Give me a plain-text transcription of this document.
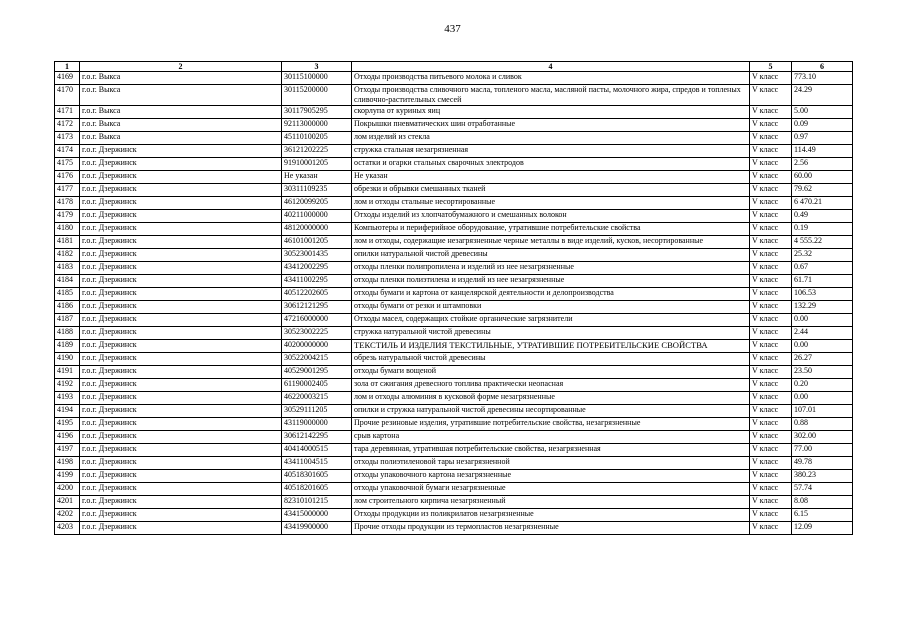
437
1	2	3	4	5	6
4169	г.о.г. Выкса	30115100000	Отходы производства питьевого молока и сливок	V класс	773.10
4170	г.о.г. Выкса	30115200000	Отходы производства сливочного масла, топленого масла, масляной пасты, молочного жира, спредов и топленых сливочно-растительных смесей	V класс	24.29
4171	г.о.г. Выкса	30117905295	скорлупа от куриных яиц	V класс	5.00
4172	г.о.г. Выкса	92113000000	Покрышки пневматических шин отработанные	V класс	0.09
4173	г.о.г. Выкса	45110100205	лом изделий из стекла	V класс	0.97
4174	г.о.г. Дзержинск	36121202225	стружка стальная незагрязненная	V класс	114.49
4175	г.о.г. Дзержинск	91910001205	остатки и огарки стальных сварочных электродов	V класс	2.56
4176	г.о.г. Дзержинск	Не указан	Не указан	V класс	60.00
4177	г.о.г. Дзержинск	30311109235	обрезки и обрывки смешанных тканей	V класс	79.62
4178	г.о.г. Дзержинск	46120099205	лом и отходы стальные несортированные	V класс	6 470.21
4179	г.о.г. Дзержинск	40211000000	Отходы изделий из хлопчатобумажного и смешанных волокон	V класс	0.49
4180	г.о.г. Дзержинск	48120000000	Компьютеры и периферийное оборудование, утратившие потребительские свойства	V класс	0.19
4181	г.о.г. Дзержинск	46101001205	лом и отходы, содержащие незагрязненные черные металлы в виде изделий, кусков, несортированные	V класс	4 555.22
4182	г.о.г. Дзержинск	30523001435	опилки натуральной чистой древесины	V класс	25.32
4183	г.о.г. Дзержинск	43412002295	отходы пленки полипропилена и изделий из нее незагрязненные	V класс	0.67
4184	г.о.г. Дзержинск	43411002295	отходы пленки полиэтилена и изделий из нее незагрязненные	V класс	61.71
4185	г.о.г. Дзержинск	40512202605	отходы бумаги и картона от канцелярской деятельности и делопроизводства	V класс	106.53
4186	г.о.г. Дзержинск	30612121295	отходы бумаги от резки и штамповки	V класс	132.29
4187	г.о.г. Дзержинск	47216000000	Отходы масел, содержащих стойкие органические загрязнители	V класс	0.00
4188	г.о.г. Дзержинск	30523002225	стружка натуральной чистой древесины	V класс	2.44
4189	г.о.г. Дзержинск	40200000000	ТЕКСТИЛЬ И ИЗДЕЛИЯ ТЕКСТИЛЬНЫЕ, УТРАТИВШИЕ ПОТРЕБИТЕЛЬСКИЕ СВОЙСТВА	V класс	0.00
4190	г.о.г. Дзержинск	30522004215	обрезь натуральной чистой древесины	V класс	26.27
4191	г.о.г. Дзержинск	40529001295	отходы бумаги вощеной	V класс	23.50
4192	г.о.г. Дзержинск	61190002405	зола от сжигания древесного топлива практически неопасная	V класс	0.20
4193	г.о.г. Дзержинск	46220003215	лом и отходы алюминия в кусковой форме незагрязненные	V класс	0.00
4194	г.о.г. Дзержинск	30529111205	опилки и стружка натуральной чистой древесины несортированные	V класс	107.01
4195	г.о.г. Дзержинск	43119000000	Прочие резиновые изделия, утратившие потребительские свойства, незагрязненные	V класс	0.88
4196	г.о.г. Дзержинск	30612142295	срыв картона	V класс	302.00
4197	г.о.г. Дзержинск	40414000515	тара деревянная, утратившая потребительские свойства, незагрязненная	V класс	77.00
4198	г.о.г. Дзержинск	43411004515	отходы полиэтиленовой тары незагрязненной	V класс	49.78
4199	г.о.г. Дзержинск	40518301605	отходы упаковочного картона незагрязненные	V класс	380.23
4200	г.о.г. Дзержинск	40518201605	отходы упаковочной бумаги незагрязненные	V класс	57.74
4201	г.о.г. Дзержинск	82310101215	лом строительного кирпича незагрязненный	V класс	8.08
4202	г.о.г. Дзержинск	43415000000	Отходы продукции из поликрилатов незагрязненные	V класс	6.15
4203	г.о.г. Дзержинск	43419900000	Прочие отходы продукции из термопластов незагрязненные	V класс	12.09
